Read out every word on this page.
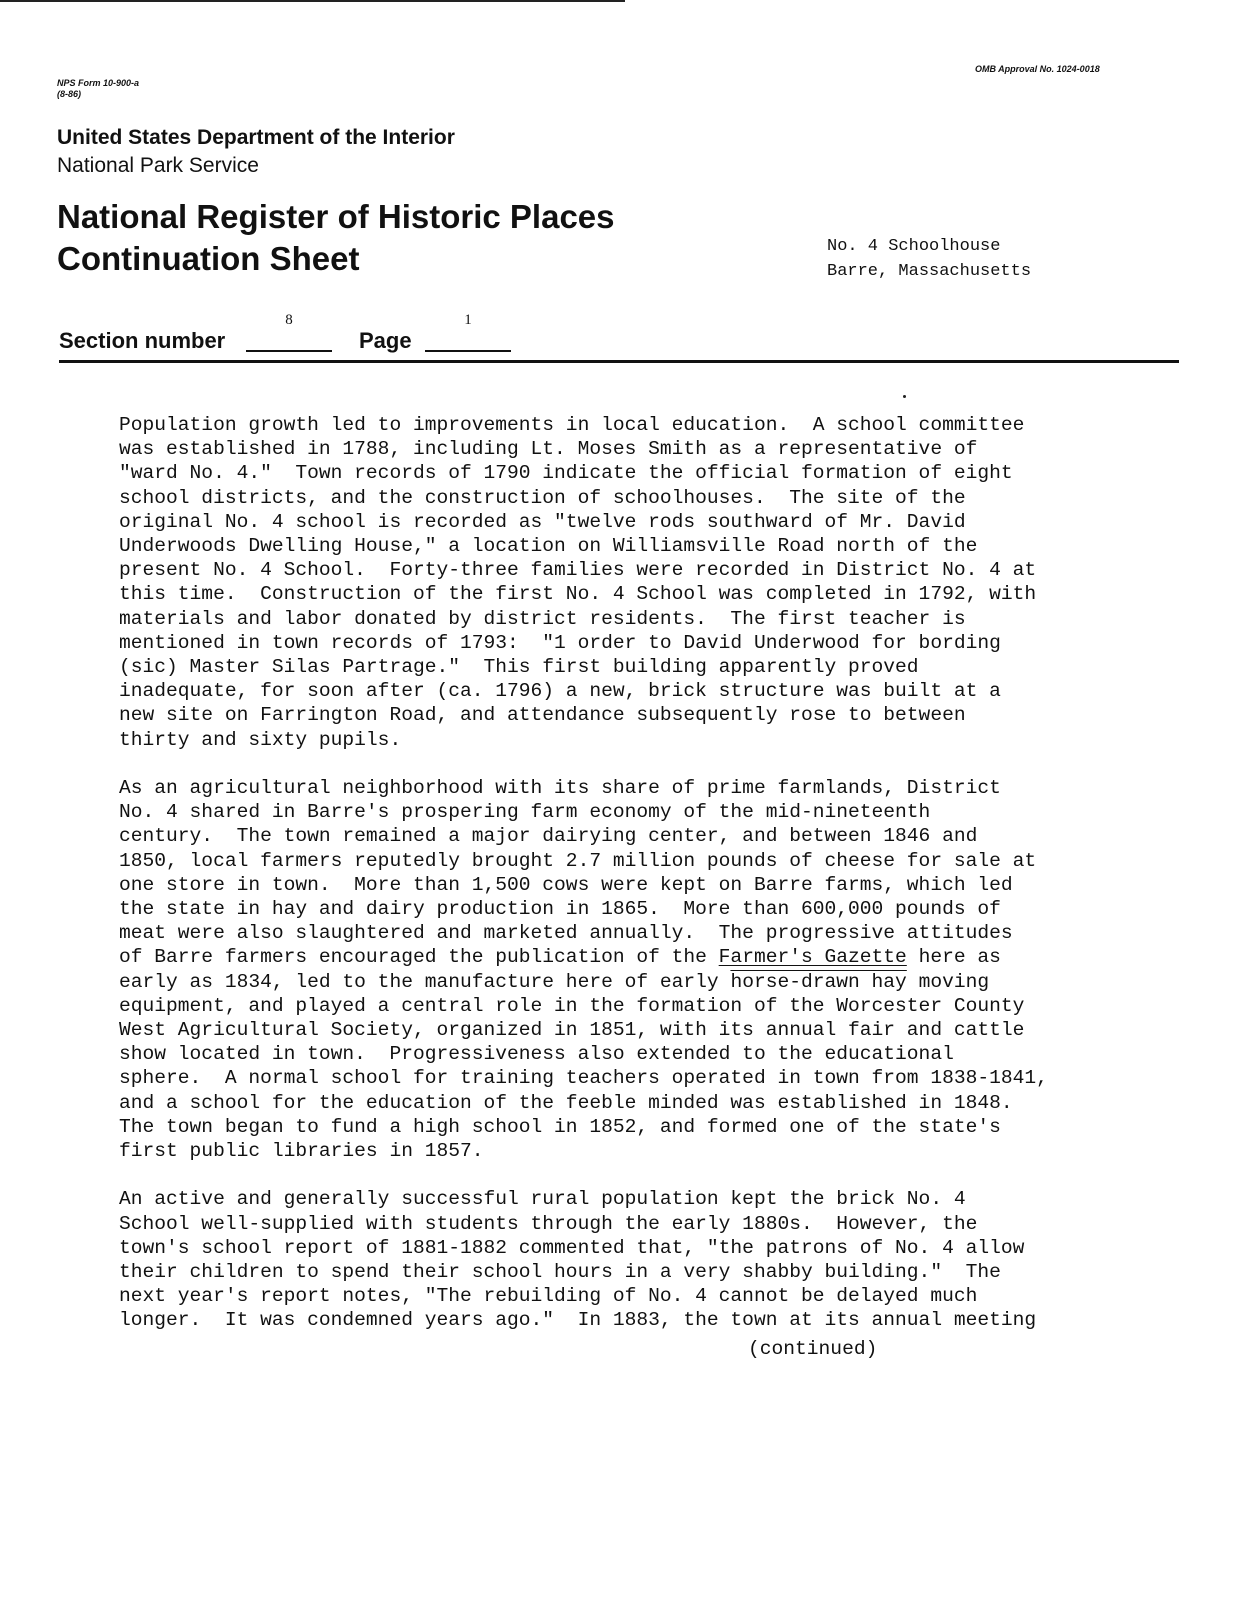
NPS Form 10-900-a
(8-86)
OMB Approval No. 1024-0018
United States Department of the Interior
National Park Service
National Register of Historic Places
Continuation Sheet	No. 4 Schoolhouse
Barre, Massachusetts
Section number
8
Page
1

Population growth led to improvements in local education.  A school committee
was established in 1788, including Lt. Moses Smith as a representative of
"ward No. 4."  Town records of 1790 indicate the official formation of eight
school districts, and the construction of schoolhouses.  The site of the
original No. 4 school is recorded as "twelve rods southward of Mr. David
Underwoods Dwelling House," a location on Williamsville Road north of the
present No. 4 School.  Forty-three families were recorded in District No. 4 at
this time.  Construction of the first No. 4 School was completed in 1792, with
materials and labor donated by district residents.  The first teacher is
mentioned in town records of 1793:  "1 order to David Underwood for bording
(sic) Master Silas Partrage."  This first building apparently proved
inadequate, for soon after (ca. 1796) a new, brick structure was built at a
new site on Farrington Road, and attendance subsequently rose to between
thirty and sixty pupils.

As an agricultural neighborhood with its share of prime farmlands, District
No. 4 shared in Barre's prospering farm economy of the mid-nineteenth
century.  The town remained a major dairying center, and between 1846 and
1850, local farmers reputedly brought 2.7 million pounds of cheese for sale at
one store in town.  More than 1,500 cows were kept on Barre farms, which led
the state in hay and dairy production in 1865.  More than 600,000 pounds of
meat were also slaughtered and marketed annually.  The progressive attitudes
of Barre farmers encouraged the publication of the Farmer's Gazette here as
early as 1834, led to the manufacture here of early horse-drawn hay moving
equipment, and played a central role in the formation of the Worcester County
West Agricultural Society, organized in 1851, with its annual fair and cattle
show located in town.  Progressiveness also extended to the educational
sphere.  A normal school for training teachers operated in town from 1838-1841,
and a school for the education of the feeble minded was established in 1848.
The town began to fund a high school in 1852, and formed one of the state's
first public libraries in 1857.

An active and generally successful rural population kept the brick No. 4
School well-supplied with students through the early 1880s.  However, the
town's school report of 1881-1882 commented that, "the patrons of No. 4 allow
their children to spend their school hours in a very shabby building."  The
next year's report notes, "The rebuilding of No. 4 cannot be delayed much
longer.  It was condemned years ago."  In 1883, the town at its annual meeting

(continued)
